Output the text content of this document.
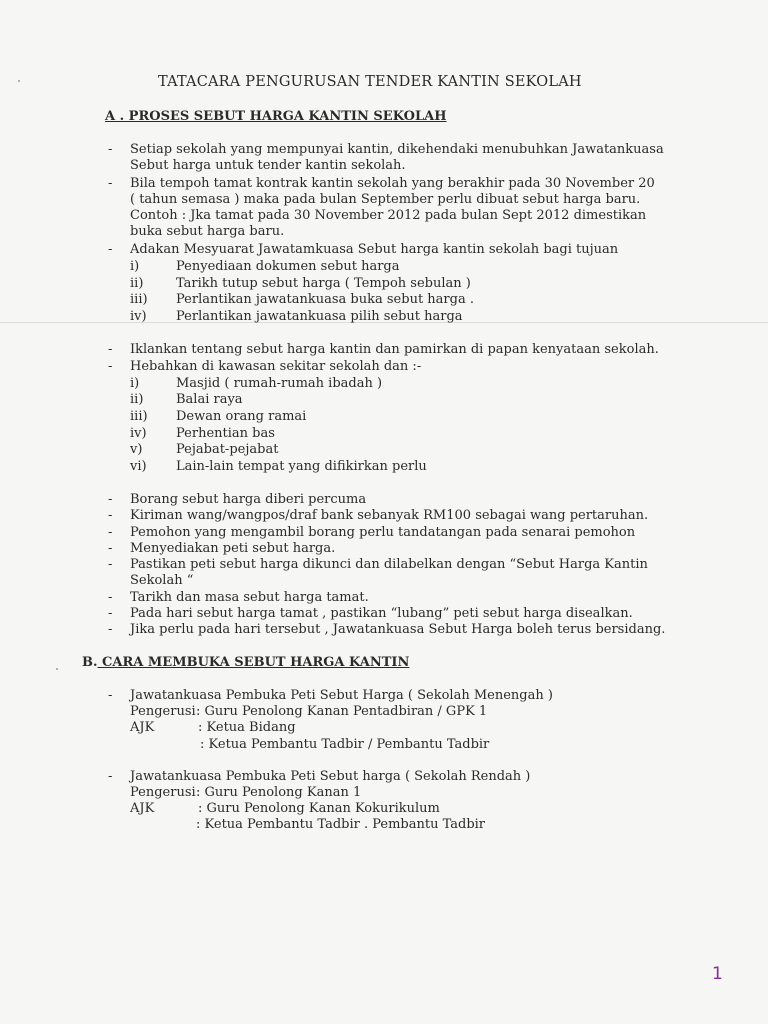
TATACARA PENGURUSAN TENDER KANTIN SEKOLAH
A . PROSES SEBUT HARGA KANTIN SEKOLAH
- Setiap sekolah yang mempunyai kantin, dikehendaki menubuhkan Jawatankuasa
Sebut harga untuk tender kantin sekolah.
- Bila tempoh tamat kontrak kantin sekolah yang berakhir pada 30 November 20
( tahun semasa ) maka pada bulan September perlu dibuat sebut harga baru.
Contoh : Jka tamat pada 30 November 2012 pada bulan Sept 2012 dimestikan
buka sebut harga baru.
- Adakan Mesyuarat Jawatamkuasa Sebut harga kantin sekolah bagi tujuan
i)	Penyediaan dokumen sebut harga
ii)	Tarikh tutup sebut harga ( Tempoh sebulan )
iii) Perlantikan jawatankuasa buka sebut harga .
iv) Perlantikan jawatankuasa pilih sebut harga
- Iklankan tentang sebut harga kantin dan pamirkan di papan kenyataan sekolah.
- Hebahkan di kawasan sekitar sekolah dan :-
i)	Masjid ( rumah-rumah ibadah )
ii)	Balai raya
iii) Dewan orang ramai
iv) Perhentian bas
v)	Pejabat-pejabat
vi) Lain-lain tempat yang difikirkan perlu
- Borang sebut harga diberi percuma
- Kiriman wang/wangpos/draf bank sebanyak RM100 sebagai wang pertaruhan.
- Pemohon yang mengambil borang perlu tandatangan pada senarai pemohon
- Menyediakan peti sebut harga.
- Pastikan peti sebut harga dikunci dan dilabelkan dengan “Sebut Harga Kantin
Sekolah “
- Tarikh dan masa sebut harga tamat.
- Pada hari sebut harga tamat , pastikan “lubang” peti sebut harga disealkan.
- Jika perlu pada hari tersebut , Jawatankuasa Sebut Harga boleh terus bersidang.
B. CARA MEMBUKA SEBUT HARGA KANTIN
- Jawatankuasa Pembuka Peti Sebut Harga ( Sekolah Menengah )
Pengerusi : Guru Penolong Kanan Pentadbiran / GPK 1
AJK	: Ketua Bidang
: Ketua Pembantu Tadbir / Pembantu Tadbir
- Jawatankuasa Pembuka Peti Sebut harga ( Sekolah Rendah )
Pengerusi : Guru Penolong Kanan 1
AJK	: Guru Penolong Kanan Kokurikulum
: Ketua Pembantu Tadbir . Pembantu Tadbir
1
